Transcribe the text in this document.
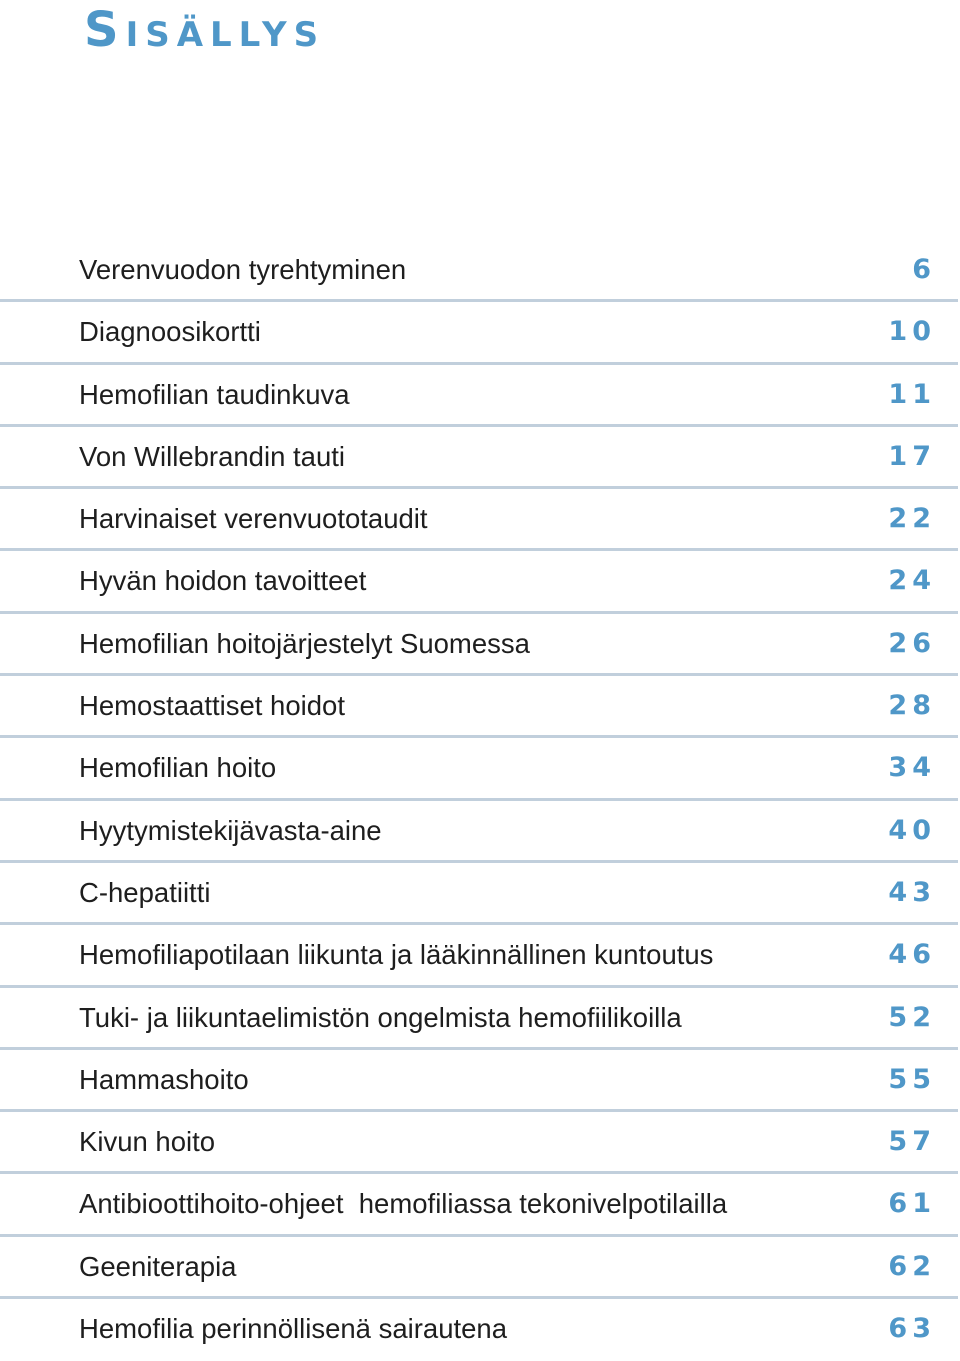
Sisällys
Verenvuodon tyrehtyminen	6
Diagnoosikortti	10
Hemofilian taudinkuva	11
Von Willebrandin tauti	17
Harvinaiset verenvuototaudit	22
Hyvän hoidon tavoitteet	24
Hemofilian hoitojärjestelyt Suomessa	26
Hemostaattiset hoidot	28
Hemofilian hoito	34
Hyytymistekijävasta-aine	40
C-hepatiitti	43
Hemofiliapotilaan liikunta ja lääkinnällinen kuntoutus	46
Tuki- ja liikuntaelimistön ongelmista hemofiilikoilla	52
Hammashoito	55
Kivun hoito	57
Antibioottihoito-ohjeet  hemofiliassa tekonivelpotilailla	61
Geeniterapia	62
Hemofilia perinnöllisenä sairautena	63
